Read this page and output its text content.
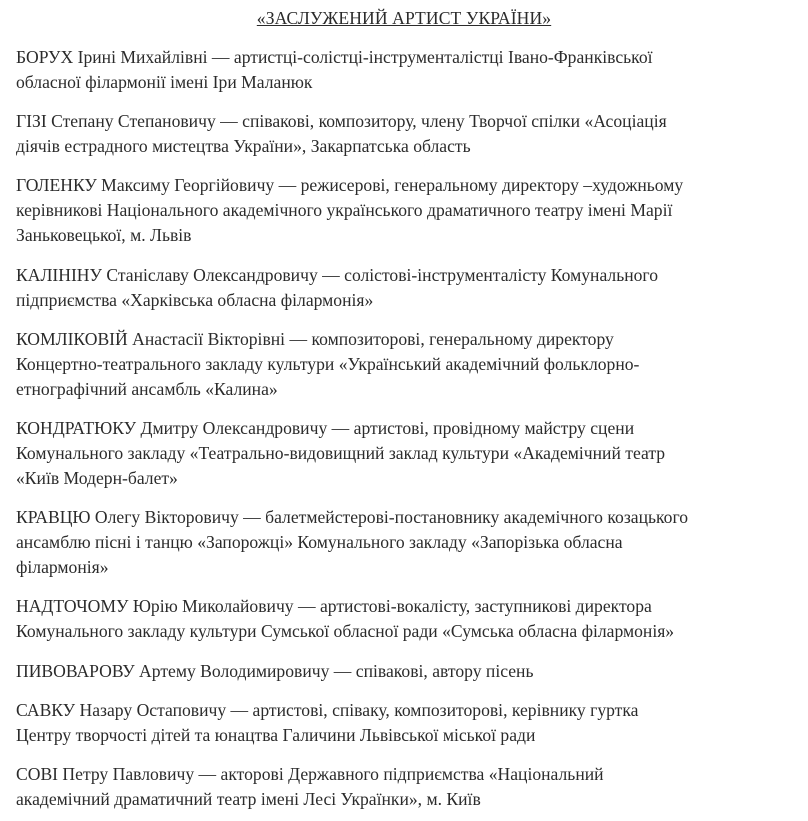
«ЗАСЛУЖЕНИЙ АРТИСТ УКРАЇНИ»
БОРУХ Ірині Михайлівні — артистці-солістці-інструменталістці Івано-Франківської
обласної філармонії імені Іри Маланюк
ГІЗІ Степану Степановичу — співакові, композитору, члену Творчої спілки «Асоціація
діячів естрадного мистецтва України», Закарпатська область
ГОЛЕНКУ Максиму Георгійовичу — режисерові, генеральному директору –художньому
керівникові Національного академічного українського драматичного театру імені Марії
Заньковецької, м. Львів
КАЛІНІНУ Станіславу Олександровичу — солістові-інструменталісту Комунального
підприємства «Харківська обласна філармонія»
КОМЛІКОВІЙ Анастасії Вікторівні — композиторові, генеральному директору
Концертно-театрального закладу культури «Український академічний фольклорно-
етнографічний ансамбль «Калина»
КОНДРАТЮКУ Дмитру Олександровичу — артистові, провідному майстру сцени
Комунального закладу «Театрально-видовищний заклад культури «Академічний театр
«Київ Модерн-балет»
КРАВЦЮ Олегу Вікторовичу — балетмейстерові-постановнику академічного козацького
ансамблю пісні і танцю «Запорожці» Комунального закладу «Запорізька обласна
філармонія»
НАДТОЧОМУ Юрію Миколайовичу — артистові-вокалісту, заступникові директора
Комунального закладу культури Сумської обласної ради «Сумська обласна філармонія»
ПИВОВАРОВУ Артему Володимировичу — співакові, автору пісень
САВКУ Назару Остаповичу — артистові, співаку, композиторові, керівнику гуртка
Центру творчості дітей та юнацтва Галичини Львівської міської ради
СОВІ Петру Павловичу — акторові Державного підприємства «Національний
академічний драматичний театр імені Лесі Українки», м. Київ
